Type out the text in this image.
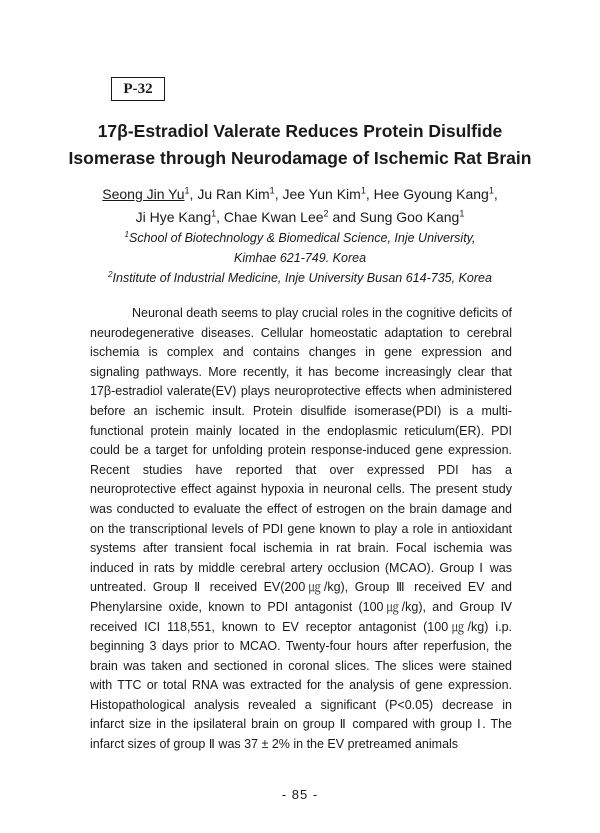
P-32
17β-Estradiol Valerate Reduces Protein Disulfide
Isomerase through Neurodamage of Ischemic Rat Brain
Seong Jin Yu$^1$, Ju Ran Kim$^1$, Jee Yun Kim$^1$, Hee Gyoung Kang$^1$,
Ji Hye Kang$^1$, Chae Kwan Lee$^2$ and Sung Goo Kang$^1$
$^1$School of Biotechnology & Biomedical Science, Inje University,
Kimhae 621-749. Korea
$^2$Institute of Industrial Medicine, Inje University Busan 614-735, Korea

Neuronal death seems to play crucial roles in the cognitive deficits of neurodegenerative diseases. Cellular homeostatic adaptation to cerebral ischemia is complex and contains changes in gene expression and signaling pathways. More recently, it has become increasingly clear that 17β-estradiol valerate(EV) plays neuroprotective effects when administered before an ischemic insult. Protein disulfide isomerase(PDI) is a multi-functional protein mainly located in the endoplasmic reticulum(ER). PDI could be a target for unfolding protein response-induced gene expression. Recent studies have reported that over expressed PDI has a neuroprotective effect against hypoxia in neuronal cells. The present study was conducted to evaluate the effect of estrogen on the brain damage and on the transcriptional levels of PDI gene known to play a role in antioxidant systems after transient focal ischemia in rat brain. Focal ischemia was induced in rats by middle cerebral artery occlusion (MCAO). Group Ⅰ was untreated. Group Ⅱ received EV(200㎍/kg), Group Ⅲ received EV and Phenylarsine oxide, known to PDI antagonist (100㎍/kg), and Group Ⅳ received ICI 118,551, known to EV receptor antagonist (100㎍/kg) i.p. beginning 3 days prior to MCAO. Twenty-four hours after reperfusion, the brain was taken and sectioned in coronal slices. The slices were stained with TTC or total RNA was extracted for the analysis of gene expression. Histopathological analysis revealed a significant (P<0.05) decrease in infarct size in the ipsilateral brain on group Ⅱ compared with group Ⅰ. The infarct sizes of group Ⅱ was 37 ± 2% in the EV pretreamed animals

- 85 -
